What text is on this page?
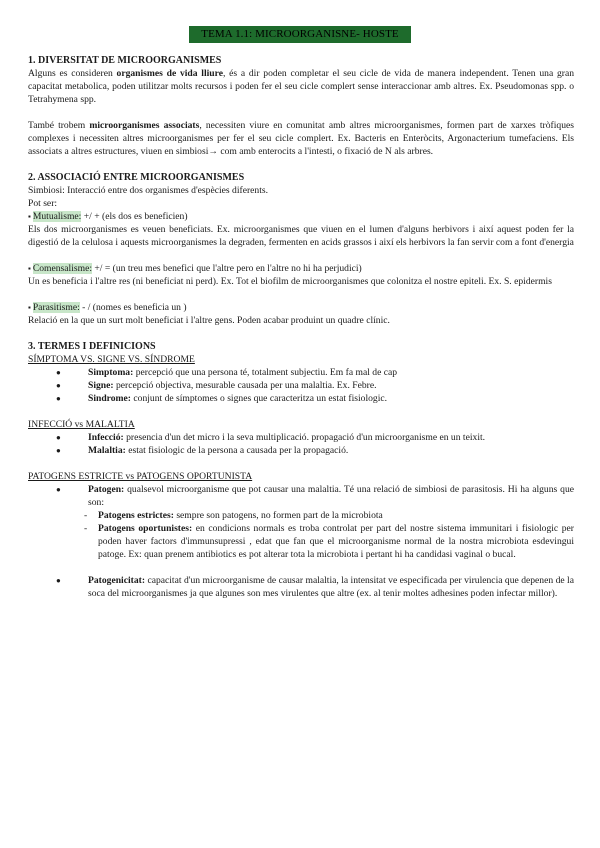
TEMA 1.1: MICROORGANISNE- HOSTE

1. DIVERSITAT DE MICROORGANISMES

Alguns es consideren organismes de vida lliure, és a dir poden completar el seu cicle de vida de manera independent. Tenen una gran capacitat metabolica, poden utilitzar molts recursos i poden fer el seu cicle complert sense interaccionar amb altres. Ex. Pseudomonas spp. o Tetrahymena spp.

També trobem microorganismes associats, necessiten viure en comunitat amb altres microorganismes, formen part de xarxes tròfiques complexes i necessiten altres microorganismes per fer el seu cicle complert. Ex. Bacteris en Enteròcits, Argonacterium tumefaciens. Els associats a altres estructures, viuen en simbiosi→ com amb enterocits a l'intesti, o fixació de N als arbres.

2. ASSOCIACIÓ ENTRE MICROORGANISMES

Simbiosi: Interacció entre dos organismes d'espècies diferents.

Pot ser:

▪ Mutualisme: +/ + (els dos es beneficien)

Els dos microorganismes es veuen beneficiats. Ex. microorganismes que viuen en el lumen d'alguns herbivors i així aquest poden fer la digestió de la celulosa i aquests microorganismes la degraden, fermenten en acids grassos i així els herbivors la fan servir com a font d'energia

▪ Comensalisme: +/ = (un treu mes benefici que l'altre pero en l'altre no hi ha perjudici)

Un es beneficia i l'altre res (ni beneficiat ni perd). Ex. Tot el biofilm de microorganismes que colonitza el nostre epiteli. Ex. S. epidermis

▪ Parasitisme: - / (nomes es beneficia un )

Relació en la que un surt molt beneficiat i l'altre gens. Poden acabar produint un quadre clínic.

3. TERMES I DEFINICIONS

SÍMPTOMA VS. SIGNE VS. SÍNDROME

● Simptoma: percepció que una persona té, totalment subjectiu. Em fa mal de cap
● Signe: percepció objectiva, mesurable causada per una malaltia. Ex. Febre.
● Sindrome: conjunt de símptomes o signes que caracteritza un estat fisiologic.

INFECCIÓ vs MALALTIA

● Infecció: presencia d'un det micro i la seva multiplicació. propagació d'un microorganisme en un teixit.
● Malaltia: estat fisiologic de la persona a causada per la propagació.

PATOGENS ESTRICTE vs PATOGENS OPORTUNISTA

● Patogen: qualsevol microorganisme que pot causar una malaltia. Té una relació de simbiosi de parasitosis. Hi ha alguns que son:
- Patogens estrictes: sempre son patogens, no formen part de la microbiota
- Patogens oportunistes: en condicions normals es troba controlat per part del nostre sistema immunitari i fisiologic per poden haver factors d'immunsupressi , edat que fan que el microorganisme normal de la nostra microbiota esdevingui patoge. Ex: quan prenem antibiotics es pot alterar tota la microbiota i pertant hi ha candidasi vaginal o bucal.
● Patogenicitat: capacitat d'un microorganisme de causar malaltia, la intensitat ve especificada per virulencia que depenen de la soca del microorganismes ja que algunes son mes virulentes que altre (ex. al tenir moltes adhesines poden infectar millor).
